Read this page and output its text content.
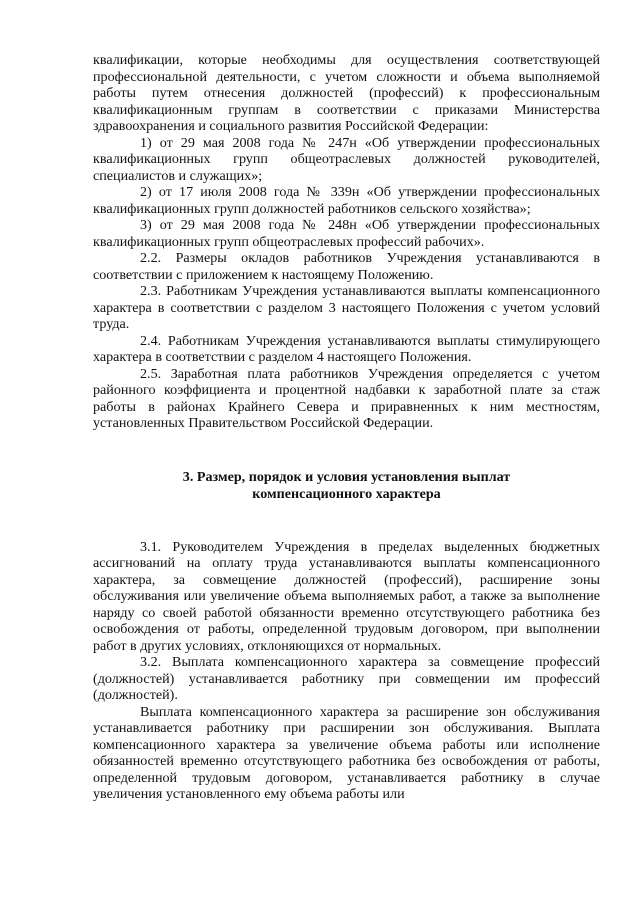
квалификации, которые необходимы для осуществления соответствующей профессиональной деятельности, с учетом сложности и объема выполняемой работы путем отнесения должностей (профессий) к профессиональным квалификационным группам в соответствии с приказами Министерства здравоохранения и социального развития Российской Федерации:

1) от 29 мая 2008 года № 247н «Об утверждении профессиональных квалификационных групп общеотраслевых должностей руководителей, специалистов и служащих»;

2) от 17 июля 2008 года № 339н «Об утверждении профессиональных квалификационных групп должностей работников сельского хозяйства»;

3) от 29 мая 2008 года № 248н «Об утверждении профессиональных квалификационных групп общеотраслевых профессий рабочих».

2.2. Размеры окладов работников Учреждения устанавливаются в соответствии с приложением к настоящему Положению.

2.3. Работникам Учреждения устанавливаются выплаты компенсационного характера в соответствии с разделом 3 настоящего Положения с учетом условий труда.

2.4. Работникам Учреждения устанавливаются выплаты стимулирующего характера в соответствии с разделом 4 настоящего Положения.

2.5. Заработная плата работников Учреждения определяется с учетом районного коэффициента и процентной надбавки к заработной плате за стаж работы в районах Крайнего Севера и приравненных к ним местностям, установленных Правительством Российской Федерации.

3. Размер, порядок и условия установления выплат
компенсационного характера

3.1. Руководителем Учреждения в пределах выделенных бюджетных ассигнований на оплату труда устанавливаются выплаты компенсационного характера, за совмещение должностей (профессий), расширение зоны обслуживания или увеличение объема выполняемых работ, а также за выполнение наряду со своей работой обязанности временно отсутствующего работника без освобождения от работы, определенной трудовым договором, при выполнении работ в других условиях, отклоняющихся от нормальных.

3.2. Выплата компенсационного характера за совмещение профессий (должностей) устанавливается работнику при совмещении им профессий (должностей).

Выплата компенсационного характера за расширение зон обслуживания устанавливается работнику при расширении зон обслуживания. Выплата компенсационного характера за увеличение объема работы или исполнение обязанностей временно отсутствующего работника без освобождения от работы, определенной трудовым договором, устанавливается работнику в случае увеличения установленного ему объема работы или
